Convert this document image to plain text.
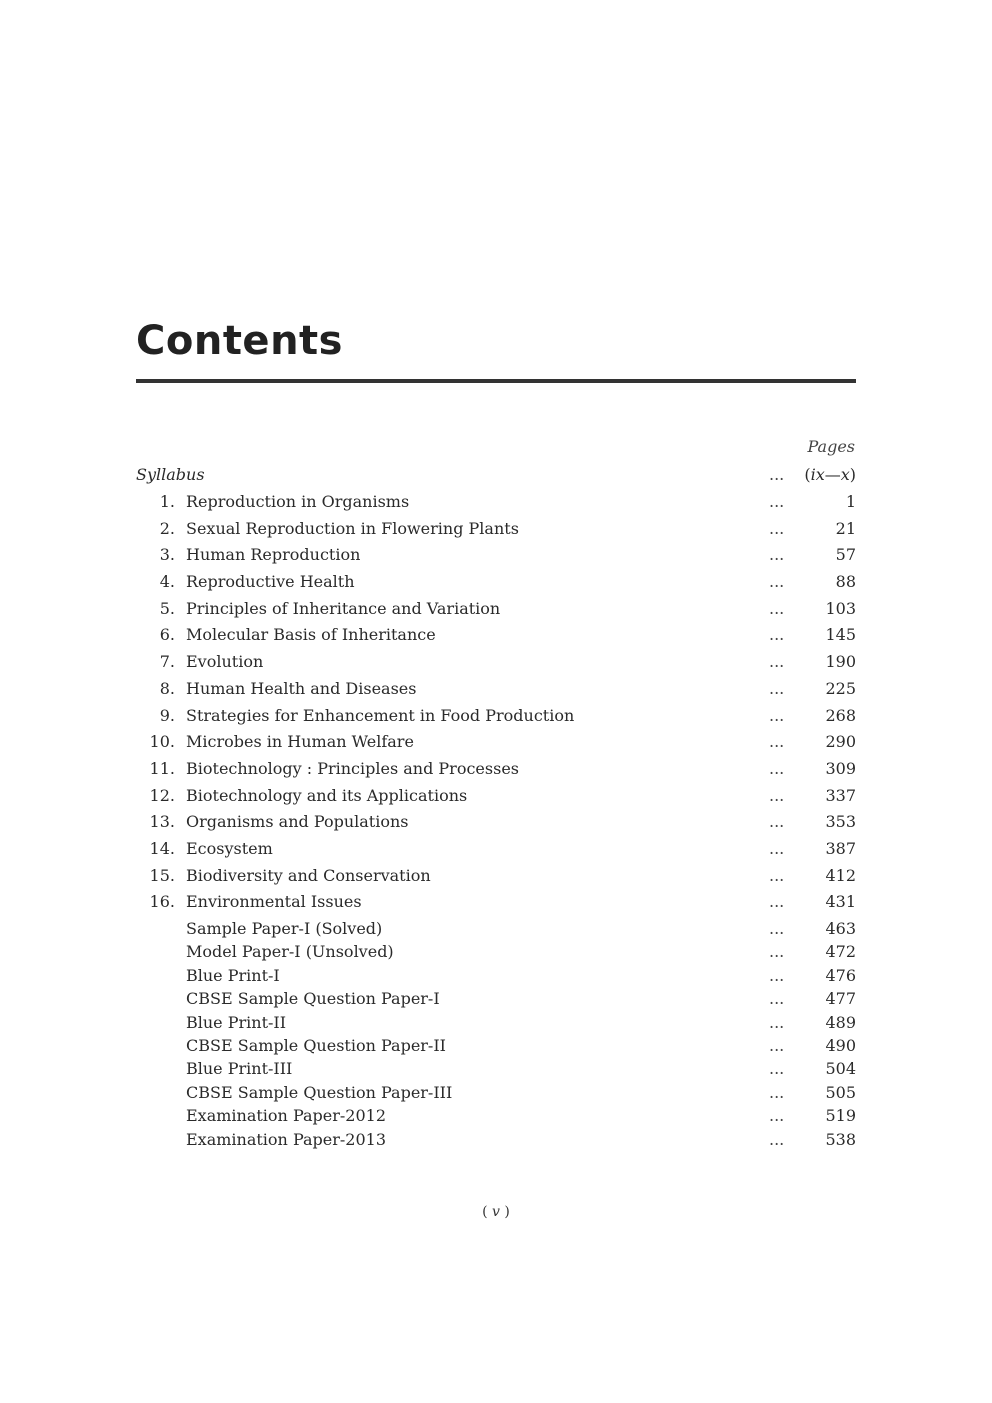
Contents
Pages
Syllabus	... (ix—x)
1. Reproduction in Organisms	...	1
2. Sexual Reproduction in Flowering Plants	...	21
3. Human Reproduction	...	57
4. Reproductive Health	...	88
5. Principles of Inheritance and Variation	...	103
6. Molecular Basis of Inheritance	...	145
7. Evolution	...	190
8. Human Health and Diseases	...	225
9. Strategies for Enhancement in Food Production	...	268
10. Microbes in Human Welfare	...	290
11. Biotechnology : Principles and Processes	...	309
12. Biotechnology and its Applications	...	337
13. Organisms and Populations	...	353
14. Ecosystem	...	387
15. Biodiversity and Conservation	...	412
16. Environmental Issues	...	431
Sample Paper-I (Solved)	...	463
Model Paper-I (Unsolved)	...	472
Blue Print-I	...	476
CBSE Sample Question Paper-I	...	477
Blue Print-II	...	489
CBSE Sample Question Paper-II	...	490
Blue Print-III	...	504
CBSE Sample Question Paper-III	...	505
Examination Paper-2012	...	519
Examination Paper-2013	...	538
( v )
